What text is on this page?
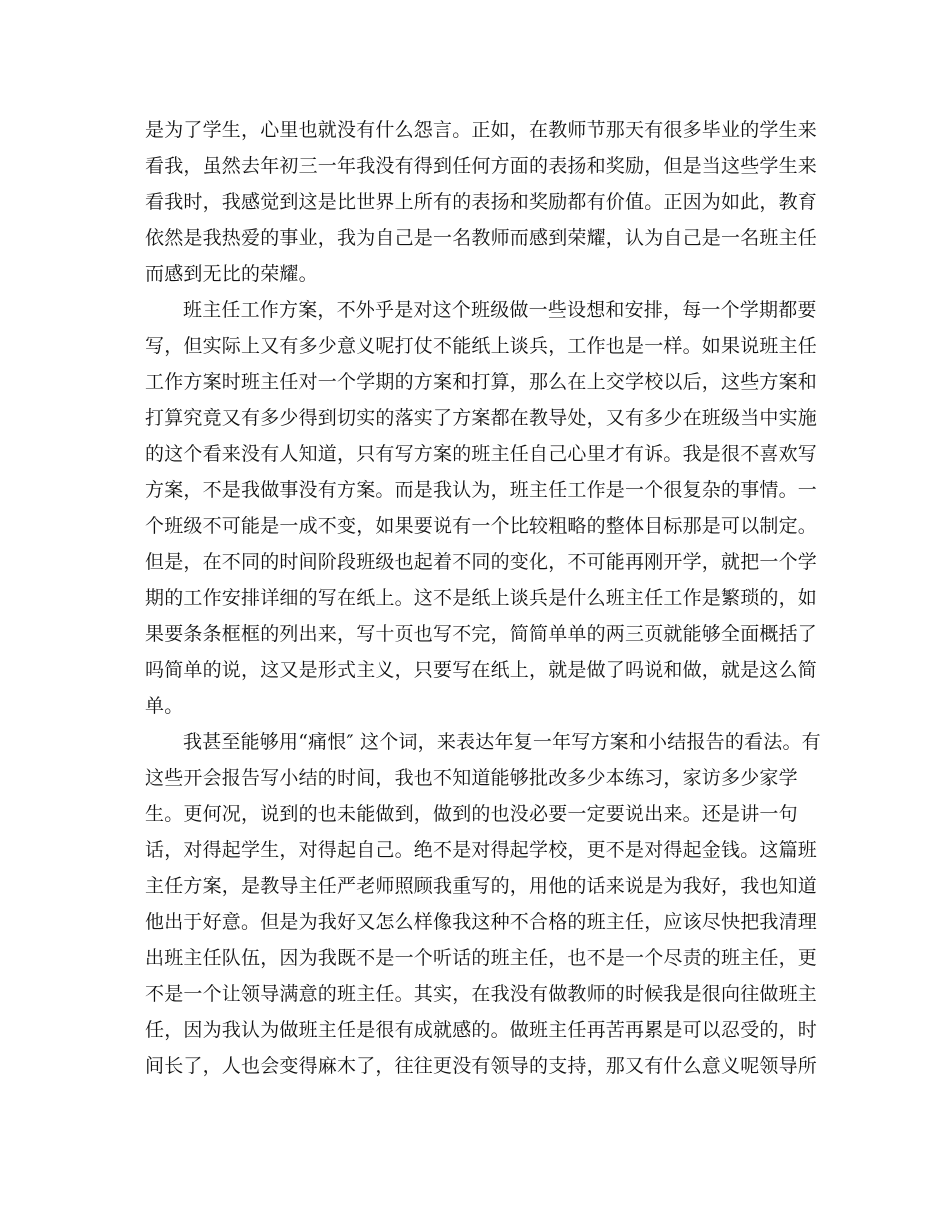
是为了学生，心里也就没有什么怨言。正如，在教师节那天有很多毕业的学生来
看我，虽然去年初三一年我没有得到任何方面的表扬和奖励，但是当这些学生来
看我时，我感觉到这是比世界上所有的表扬和奖励都有价值。正因为如此，教育
依然是我热爱的事业，我为自己是一名教师而感到荣耀，认为自己是一名班主任
而感到无比的荣耀。
班主任工作方案，不外乎是对这个班级做一些设想和安排，每一个学期都要
写，但实际上又有多少意义呢打仗不能纸上谈兵，工作也是一样。如果说班主任
工作方案时班主任对一个学期的方案和打算，那么在上交学校以后，这些方案和
打算究竟又有多少得到切实的落实了方案都在教导处，又有多少在班级当中实施
的这个看来没有人知道，只有写方案的班主任自己心里才有诉。我是很不喜欢写
方案，不是我做事没有方案。而是我认为，班主任工作是一个很复杂的事情。一
个班级不可能是一成不变，如果要说有一个比较粗略的整体目标那是可以制定。
但是，在不同的时间阶段班级也起着不同的变化，不可能再刚开学，就把一个学
期的工作安排详细的写在纸上。这不是纸上谈兵是什么班主任工作是繁琐的，如
果要条条框框的列出来，写十页也写不完，简简单单的两三页就能够全面概括了
吗简单的说，这又是形式主义，只要写在纸上，就是做了吗说和做，就是这么简
单。
我甚至能够用“痛恨″ 这个词，来表达年复一年写方案和小结报告的看法。有
这些开会报告写小结的时间，我也不知道能够批改多少本练习，家访多少家学
生。更何况，说到的也未能做到，做到的也没必要一定要说出来。还是讲一句
话，对得起学生，对得起自己。绝不是对得起学校，更不是对得起金钱。这篇班
主任方案，是教导主任严老师照顾我重写的，用他的话来说是为我好，我也知道
他出于好意。但是为我好又怎么样像我这种不合格的班主任，应该尽快把我清理
出班主任队伍，因为我既不是一个听话的班主任，也不是一个尽责的班主任，更
不是一个让领导满意的班主任。其实，在我没有做教师的时候我是很向往做班主
任，因为我认为做班主任是很有成就感的。做班主任再苦再累是可以忍受的，时
间长了，人也会变得麻木了，往往更没有领导的支持，那又有什么意义呢领导所
